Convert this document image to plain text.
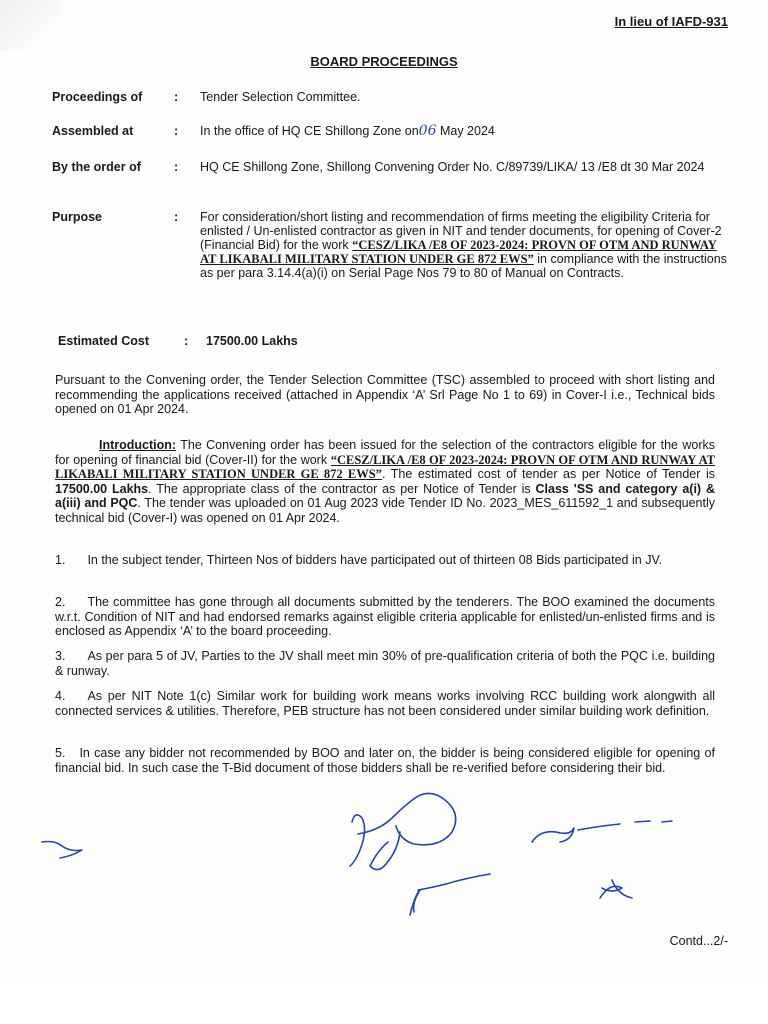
In lieu of IAFD-931
BOARD PROCEEDINGS
Proceedings of	: Tender Selection Committee.
Assembled at	: In the office of HQ CE Shillong Zone on06 May 2024
By the order of	: HQ CE Shillong Zone, Shillong Convening Order No. C/89739/LIKA/ 13 /E8 dt 30 Mar 2024
Purpose	: For consideration/short listing and recommendation of firms meeting the eligibility Criteria for enlisted / Un-enlisted contractor as given in NIT and tender documents, for opening of Cover-2 (Financial Bid) for the work “CESZ/LIKA /E8 OF 2023-2024: PROVN OF OTM AND RUNWAY AT LIKABALI MILITARY STATION UNDER GE 872 EWS” in compliance with the instructions as per para 3.14.4(a)(i) on Serial Page Nos 79 to 80 of Manual on Contracts.
Estimated Cost	: 17500.00 Lakhs
Pursuant to the Convening order, the Tender Selection Committee (TSC) assembled to proceed with short listing and recommending the applications received (attached in Appendix ‘A’ Srl Page No 1 to 69) in Cover-I i.e., Technical bids opened on 01 Apr 2024.
Introduction: The Convening order has been issued for the selection of the contractors eligible for the works for opening of financial bid (Cover-II) for the work “CESZ/LIKA /E8 OF 2023-2024: PROVN OF OTM AND RUNWAY AT LIKABALI MILITARY STATION UNDER GE 872 EWS”. The estimated cost of tender as per Notice of Tender is 17500.00 Lakhs. The appropriate class of the contractor as per Notice of Tender is Class 'SS and category a(i) & a(iii) and PQC. The tender was uploaded on 01 Aug 2023 vide Tender ID No. 2023_MES_611592_1 and subsequently technical bid (Cover-I) was opened on 01 Apr 2024.
1. In the subject tender, Thirteen Nos of bidders have participated out of thirteen 08 Bids participated in JV.
2. The committee has gone through all documents submitted by the tenderers. The BOO examined the documents w.r.t. Condition of NIT and had endorsed remarks against eligible criteria applicable for enlisted/un-enlisted firms and is enclosed as Appendix ‘A’ to the board proceeding.
3. As per para 5 of JV, Parties to the JV shall meet min 30% of pre-qualification criteria of both the PQC i.e. building & runway.
4. As per NIT Note 1(c) Similar work for building work means works involving RCC building work alongwith all connected services & utilities. Therefore, PEB structure has not been considered under similar building work definition.
5. In case any bidder not recommended by BOO and later on, the bidder is being considered eligible for opening of financial bid. In such case the T-Bid document of those bidders shall be re-verified before considering their bid.
Contd...2/-
